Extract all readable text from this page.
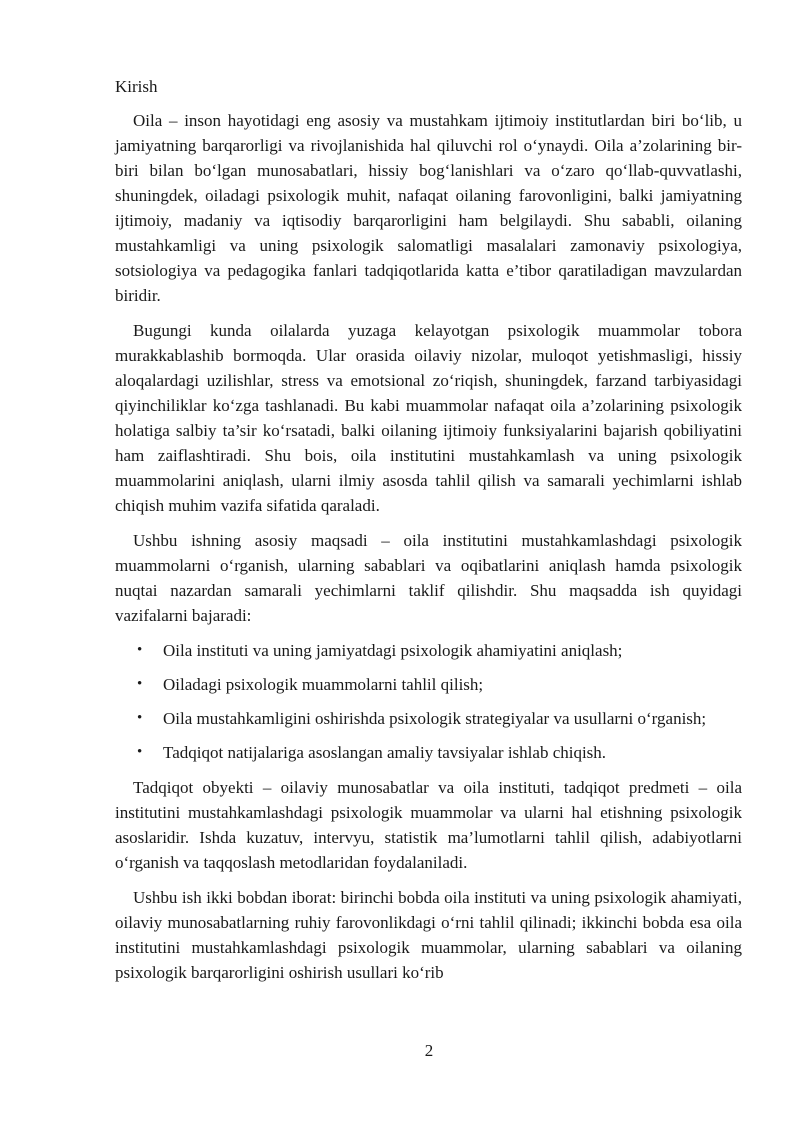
Kirish

Oila – inson hayotidagi eng asosiy va mustahkam ijtimoiy institutlardan biri bo‘lib, u jamiyatning barqarorligi va rivojlanishida hal qiluvchi rol o‘ynaydi. Oila a’zolarining bir-biri bilan bo‘lgan munosabatlari, hissiy bog‘lanishlari va o‘zaro qo‘llab-quvvatlashi, shuningdek, oiladagi psixologik muhit, nafaqat oilaning farovonligini, balki jamiyatning ijtimoiy, madaniy va iqtisodiy barqarorligini ham belgilaydi. Shu sababli, oilaning mustahkamligi va uning psixologik salomatligi masalalari zamonaviy psixologiya, sotsiologiya va pedagogika fanlari tadqiqotlarida katta e’tibor qaratiladigan mavzulardan biridir.

Bugungi kunda oilalarda yuzaga kelayotgan psixologik muammolar tobora murakkablashib bormoqda. Ular orasida oilaviy nizolar, muloqot yetishmasligi, hissiy aloqalardagi uzilishlar, stress va emotsional zo‘riqish, shuningdek, farzand tarbiyasidagi qiyinchiliklar ko‘zga tashlanadi. Bu kabi muammolar nafaqat oila a’zolarining psixologik holatiga salbiy ta’sir ko‘rsatadi, balki oilaning ijtimoiy funksiyalarini bajarish qobiliyatini ham zaiflashtiradi. Shu bois, oila institutini mustahkamlash va uning psixologik muammolarini aniqlash, ularni ilmiy asosda tahlil qilish va samarali yechimlarni ishlab chiqish muhim vazifa sifatida qaraladi.

Ushbu ishning asosiy maqsadi – oila institutini mustahkamlashdagi psixologik muammolarni o‘rganish, ularning sabablari va oqibatlarini aniqlash hamda psixologik nuqtai nazardan samarali yechimlarni taklif qilishdir. Shu maqsadda ish quyidagi vazifalarni bajaradi:

• Oila instituti va uning jamiyatdagi psixologik ahamiyatini aniqlash;
• Oiladagi psixologik muammolarni tahlil qilish;
• Oila mustahkamligini oshirishda psixologik strategiyalar va usullarni o‘rganish;
• Tadqiqot natijalariga asoslangan amaliy tavsiyalar ishlab chiqish.

Tadqiqot obyekti – oilaviy munosabatlar va oila instituti, tadqiqot predmeti – oila institutini mustahkamlashdagi psixologik muammolar va ularni hal etishning psixologik asoslaridir. Ishda kuzatuv, intervyu, statistik ma’lumotlarni tahlil qilish, adabiyotlarni o‘rganish va taqqoslash metodlaridan foydalaniladi.

Ushbu ish ikki bobdan iborat: birinchi bobda oila instituti va uning psixologik ahamiyati, oilaviy munosabatlarning ruhiy farovonlikdagi o‘rni tahlil qilinadi; ikkinchi bobda esa oila institutini mustahkamlashdagi psixologik muammolar, ularning sabablari va oilaning psixologik barqarorligini oshirish usullari ko‘rib

2
